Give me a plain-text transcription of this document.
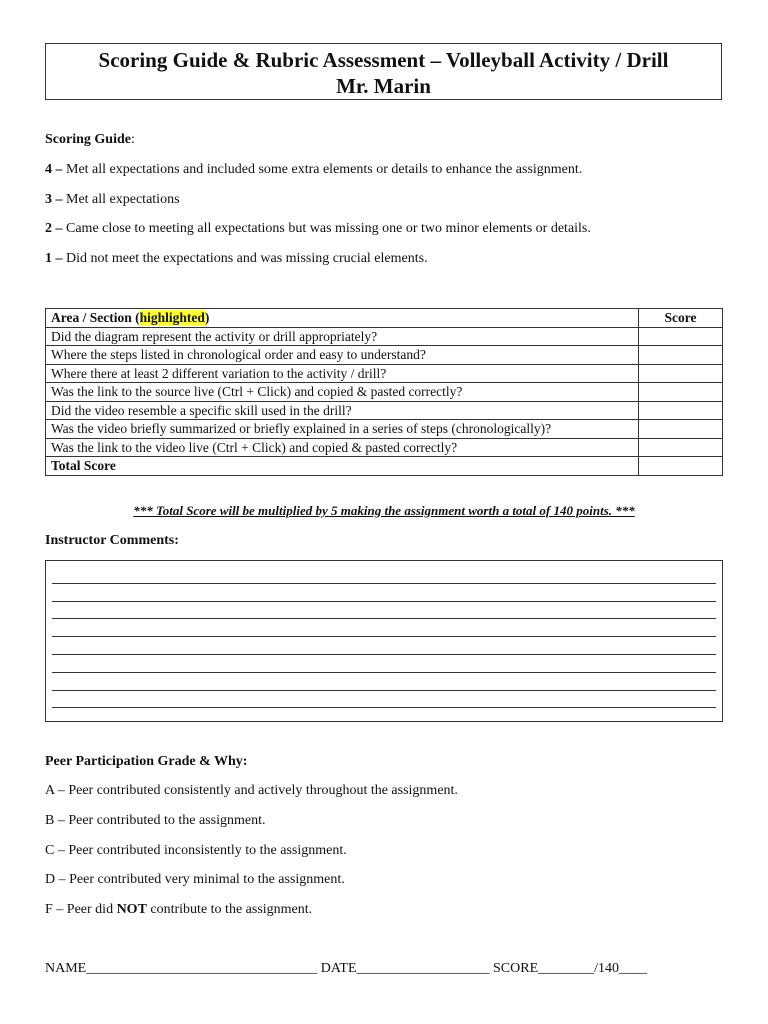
Scoring Guide & Rubric Assessment – Volleyball Activity / Drill
Mr. Marin
Scoring Guide:
4 – Met all expectations and included some extra elements or details to enhance the assignment.
3 – Met all expectations
2 – Came close to meeting all expectations but was missing one or two minor elements or details.
1 – Did not meet the expectations and was missing crucial elements.
Area / Section (highlighted)	Score
Did the diagram represent the activity or drill appropriately?	
Where the steps listed in chronological order and easy to understand?	
Where there at least 2 different variation to the activity / drill?	
Was the link to the source live (Ctrl + Click) and copied & pasted correctly?	
Did the video resemble a specific skill used in the drill?	
Was the video briefly summarized or briefly explained in a series of steps (chronologically)?	
Was the link to the video live (Ctrl + Click) and copied & pasted correctly?	
Total Score	
*** Total Score will be multiplied by 5 making the assignment worth a total of 140 points. ***
Instructor Comments:
Peer Participation Grade & Why:
A – Peer contributed consistently and actively throughout the assignment.
B – Peer contributed to the assignment.
C – Peer contributed inconsistently to the assignment.
D – Peer contributed very minimal to the assignment.
F – Peer did NOT contribute to the assignment.
NAME_________________________________ DATE___________________ SCORE________/140____
